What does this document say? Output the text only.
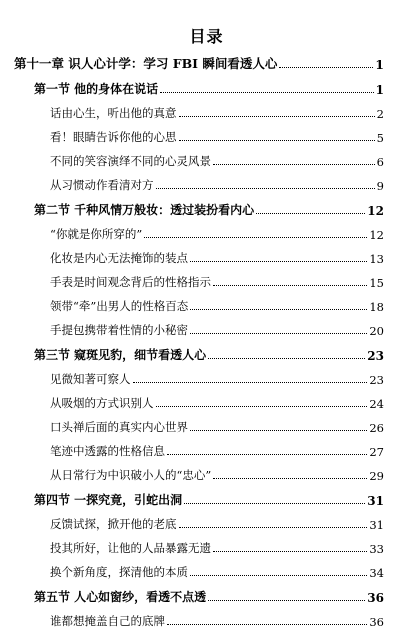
目录
第十一章 识人心计学：学习 FBI 瞬间看透人心	1
第一节 他的身体在说话	1
话由心生，听出他的真意	2
看！眼睛告诉你他的心思	5
不同的笑容演绎不同的心灵风景	6
从习惯动作看清对方	9
第二节 千种风情万般妆：透过装扮看内心	12
“你就是你所穿的”	12
化妆是内心无法掩饰的装点	13
手表是时间观念背后的性格指示	15
领带“牵”出男人的性格百态	18
手提包携带着性情的小秘密	20
第三节 窥斑见豹，细节看透人心	23
见微知著可察人	23
从吸烟的方式识别人	24
口头禅后面的真实内心世界	26
笔迹中透露的性格信息	27
从日常行为中识破小人的“忠心”	29
第四节 一探究竟，引蛇出洞	31
反馈试探，掀开他的老底	31
投其所好，让他的人品暴露无遗	33
换个新角度，探清他的本质	34
第五节 人心如窗纱，看透不点透	36
谁都想掩盖自己的底牌	36
